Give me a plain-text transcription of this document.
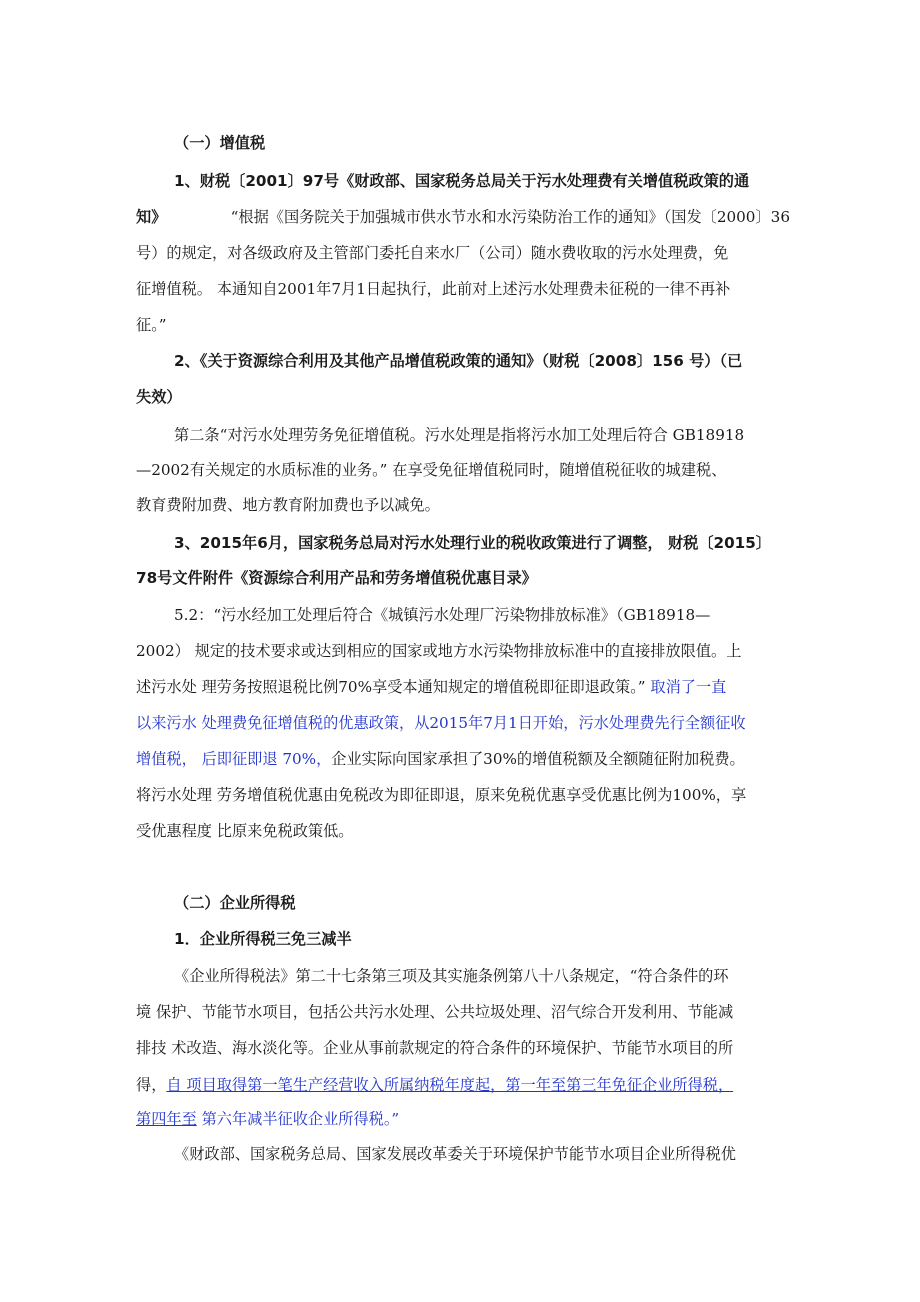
（一）增值税
1、财税〔2001〕97号《财政部、国家税务总局关于污水处理费有关增值税政策的通
知》	“根据《国务院关于加强城市供水节水和水污染防治工作的通知》（国发〔2000〕36
号）的规定，对各级政府及主管部门委托自来水厂（公司）随水费收取的污水处理费，免
征增值税。 本通知自2001年7月1日起执行，此前对上述污水处理费未征税的一律不再补
征。”
2、《关于资源综合利用及其他产品增值税政策的通知》（财税〔2008〕156 号）（已
失效）
第二条“对污水处理劳务免征增值税。污水处理是指将污水加工处理后符合 GB18918
—2002有关规定的水质标准的业务。” 在享受免征增值税同时，随增值税征收的城建税、
教育费附加费、地方教育附加费也予以减免。
3、2015年6月，国家税务总局对污水处理行业的税收政策进行了调整， 财税〔2015〕
78号文件附件《资源综合利用产品和劳务增值税优惠目录》
5.2：“污水经加工处理后符合《城镇污水处理厂污染物排放标准》（GB18918—
2002） 规定的技术要求或达到相应的国家或地方水污染物排放标准中的直接排放限值。上
述污水处 理劳务按照退税比例70%享受本通知规定的增值税即征即退政策。” 取消了一直
以来污水 处理费免征增值税的优惠政策，从2015年7月1日开始，污水处理费先行全额征收
增值税， 后即征即退 70%，企业实际向国家承担了30%的增值税额及全额随征附加税费。
将污水处理 劳务增值税优惠由免税改为即征即退，原来免税优惠享受优惠比例为100%，享
受优惠程度 比原来免税政策低。
（二）企业所得税
1．企业所得税三免三减半
《企业所得税法》第二十七条第三项及其实施条例第八十八条规定，“符合条件的环
境 保护、节能节水项目，包括公共污水处理、公共垃圾处理、沼气综合开发利用、节能减
排技 术改造、海水淡化等。企业从事前款规定的符合条件的环境保护、节能节水项目的所
得，自 项目取得第一笔生产经营收入所属纳税年度起，第一年至第三年免征企业所得税，
第四年至 第六年减半征收企业所得税。”
《财政部、国家税务总局、国家发展改革委关于环境保护节能节水项目企业所得税优
